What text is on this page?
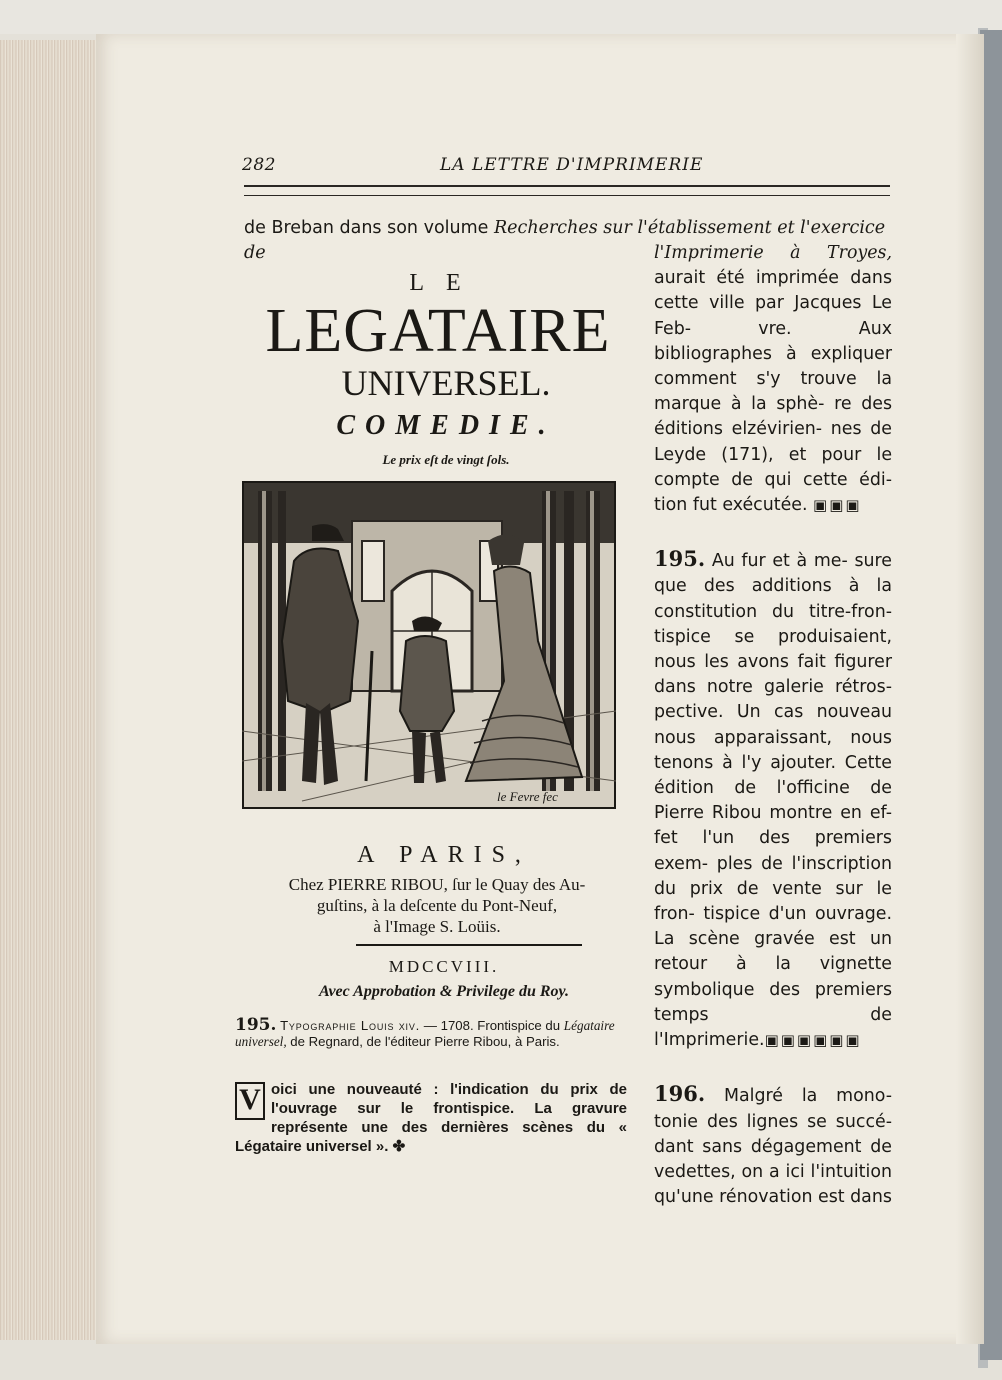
282	LA LETTRE D'IMPRIMERIE
de Breban dans son volume Recherches sur l'établissement et l'exercice de
LE
LEGATAIRE
UNIVERSEL.
COMEDIE.
Le prix eſt de vingt ſols.
le Fevre fec
A PARIS,
Chez PIERRE RIBOU, ſur le Quay des Au-
guſtins, à la deſcente du Pont-Neuf,
à l'Image S. Loüis.
MDCCVIII.
Avec Approbation & Privilege du Roy.
195. Typographie Louis xiv. — 1708. Frontispice du Légataire universel, de Regnard, de l'éditeur Pierre Ribou, à Paris.
V oici une nouveauté : l'indication du prix de l'ouvrage sur le frontispice. La gravure représente une des dernières scènes du « Légataire universel ». ✤

l'Imprimerie à Troyes, aurait été imprimée dans cette ville par Jacques Le Feb-	vre. Aux bibliographes à expliquer comment s'y trouve la marque à la sphè- re des éditions elzévirien- nes de Leyde (171), et pour le compte de qui cette édi- tion fut exécutée. ▣▣▣

195. Au fur et à me- sure que des additions à la constitution du titre-fron- tispice se produisaient, nous les avons fait figurer dans notre galerie rétros- pective. Un cas nouveau nous apparaissant, nous tenons à l'y ajouter. Cette édition de l'officine de Pierre Ribou montre en ef- fet l'un des premiers exem- ples de l'inscription du prix de vente sur le fron- tispice d'un ouvrage. La scène gravée est un retour à la vignette symbolique des premiers temps de l'Imprimerie.▣▣▣▣▣▣

196. Malgré la mono- tonie des lignes se succé- dant sans dégagement de vedettes, on a ici l'intuition qu'une rénovation est dans
